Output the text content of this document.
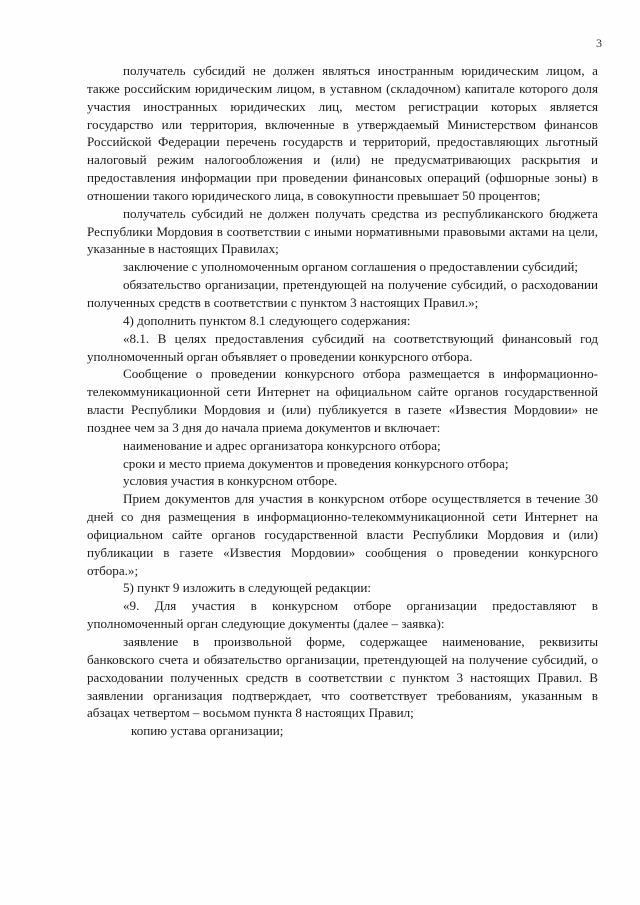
3

получатель субсидий не должен являться иностранным юридическим лицом, а также российским юридическим лицом, в уставном (складочном) капитале которого доля участия иностранных юридических лиц, местом регистрации которых является государство или территория, включенные в утверждаемый Министерством финансов Российской Федерации перечень государств и территорий, предоставляющих льготный налоговый режим налогообложения и (или) не предусматривающих раскрытия и предоставления информации при проведении финансовых операций (офшорные зоны) в отношении такого юридического лица, в совокупности превышает 50 процентов;

получатель субсидий не должен получать средства из республиканского бюджета Республики Мордовия в соответствии с иными нормативными правовыми актами на цели, указанные в настоящих Правилах;

заключение с уполномоченным органом соглашения о предоставлении субсидий;

обязательство организации, претендующей на получение субсидий, о расходовании полученных средств в соответствии с пунктом 3 настоящих Правил.»;

4) дополнить пунктом 8.1 следующего содержания:

«8.1. В целях предоставления субсидий на соответствующий финансовый год уполномоченный орган объявляет о проведении конкурсного отбора.

Сообщение о проведении конкурсного отбора размещается в информационно-телекоммуникационной сети Интернет на официальном сайте органов государственной власти Республики Мордовия и (или) публикуется в газете «Известия Мордовии» не позднее чем за 3 дня до начала приема документов и включает:

наименование и адрес организатора конкурсного отбора;

сроки и место приема документов и проведения конкурсного отбора;

условия участия в конкурсном отборе.

Прием документов для участия в конкурсном отборе осуществляется в течение 30 дней со дня размещения в информационно-телекоммуникационной сети Интернет на официальном сайте органов государственной власти Республики Мордовия и (или) публикации в газете «Известия Мордовии» сообщения о проведении конкурсного отбора.»;

5) пункт 9 изложить в следующей редакции:

«9. Для участия в конкурсном отборе организации предоставляют в уполномоченный орган следующие документы (далее – заявка):

заявление в произвольной форме, содержащее наименование, реквизиты банковского счета и обязательство организации, претендующей на получение субсидий, о расходовании полученных средств в соответствии с пунктом 3 настоящих Правил. В заявлении организация подтверждает, что соответствует требованиям, указанным в абзацах четвертом – восьмом пункта 8 настоящих Правил;

копию устава организации;
